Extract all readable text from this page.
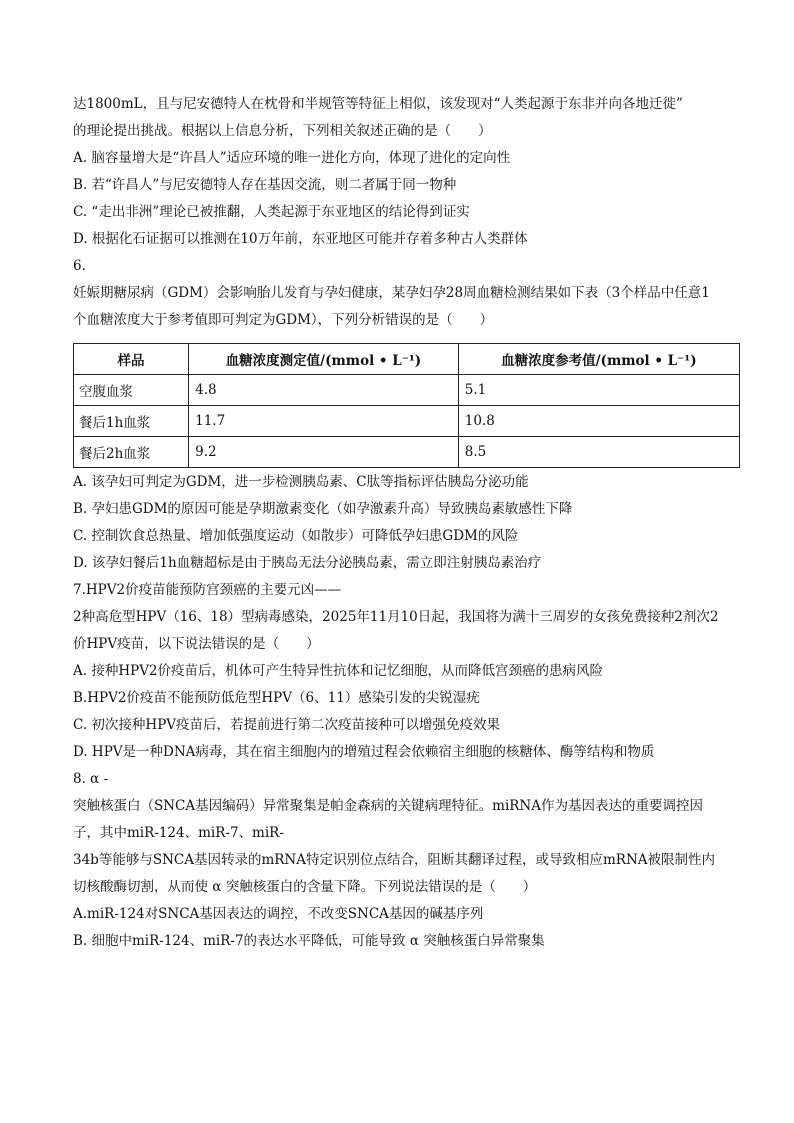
达1800mL，且与尼安德特人在枕骨和半规管等特征上相似，该发现对“人类起源于东非并向各地迁徙”
的理论提出挑战。根据以上信息分析，下列相关叙述正确的是（　　）
A. 脑容量增大是“许昌人”适应环境的唯一进化方向，体现了进化的定向性
B. 若“许昌人”与尼安德特人存在基因交流，则二者属于同一物种
C. “走出非洲”理论已被推翻，人类起源于东亚地区的结论得到证实
D. 根据化石证据可以推测在10万年前，东亚地区可能并存着多种古人类群体
6.
妊娠期糖尿病（GDM）会影响胎儿发育与孕妇健康，某孕妇孕28周血糖检测结果如下表（3个样品中任意1
个血糖浓度大于参考值即可判定为GDM），下列分析错误的是（　　）
样品	血糖浓度测定值/(mmol • L⁻¹)	血糖浓度参考值/(mmol • L⁻¹)
空腹血浆	4.8	5.1
餐后1h血浆	11.7	10.8
餐后2h血浆	9.2	8.5
A. 该孕妇可判定为GDM，进一步检测胰岛素、C肽等指标评估胰岛分泌功能
B. 孕妇患GDM的原因可能是孕期激素变化（如孕激素升高）导致胰岛素敏感性下降
C. 控制饮食总热量、增加低强度运动（如散步）可降低孕妇患GDM的风险
D. 该孕妇餐后1h血糖超标是由于胰岛无法分泌胰岛素，需立即注射胰岛素治疗
7.HPV2价疫苗能预防宫颈癌的主要元凶——
2种高危型HPV（16、18）型病毒感染，2025年11月10日起，我国将为满十三周岁的女孩免费接种2剂次2
价HPV疫苗，以下说法错误的是（　　）
A. 接种HPV2价疫苗后，机体可产生特异性抗体和记忆细胞，从而降低宫颈癌的患病风险
B.HPV2价疫苗不能预防低危型HPV（6、11）感染引发的尖锐湿疣
C. 初次接种HPV疫苗后，若提前进行第二次疫苗接种可以增强免疫效果
D. HPV是一种DNA病毒，其在宿主细胞内的增殖过程会依赖宿主细胞的核糖体、酶等结构和物质
8. α -
突触核蛋白（SNCA基因编码）异常聚集是帕金森病的关键病理特征。miRNA作为基因表达的重要调控因
子，其中miR-124、miR-7、miR-
34b等能够与SNCA基因转录的mRNA特定识别位点结合，阻断其翻译过程，或导致相应mRNA被限制性内
切核酸酶切割，从而使 α 突触核蛋白的含量下降。下列说法错误的是（　　）
A.miR-124对SNCA基因表达的调控，不改变SNCA基因的碱基序列
B. 细胞中miR-124、miR-7的表达水平降低，可能导致 α 突触核蛋白异常聚集
